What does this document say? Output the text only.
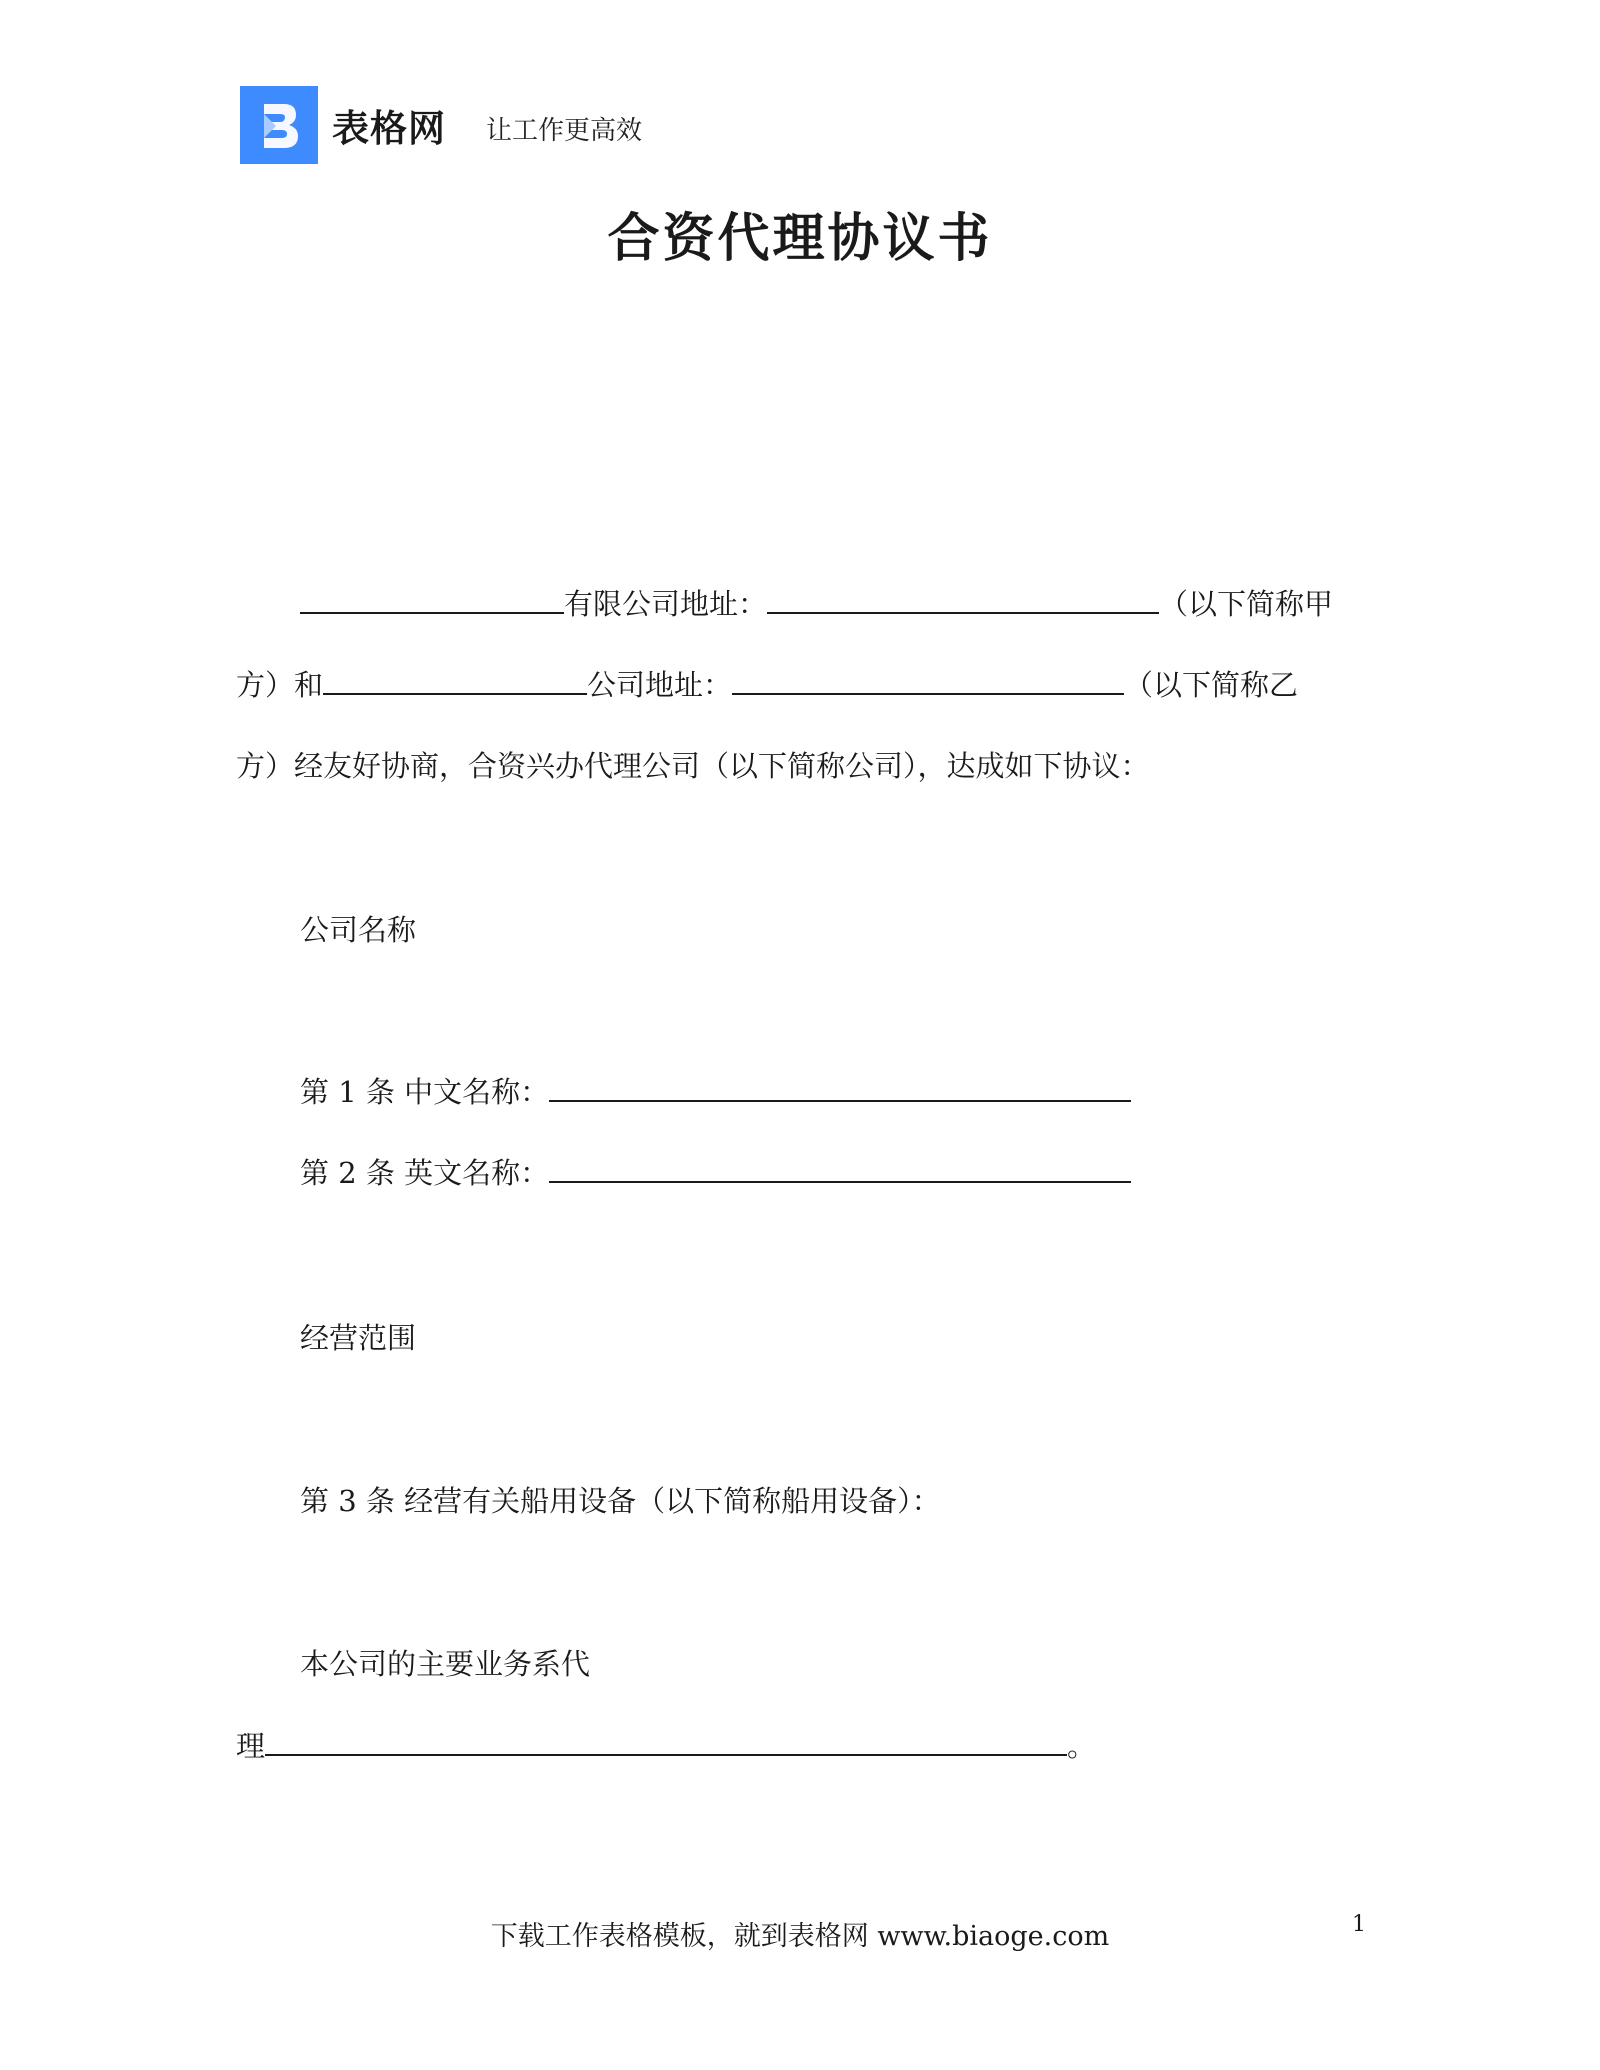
表格网 让工作更高效
合资代理协议书
有限公司地址：	（以下简称甲
方）和	公司地址：	（以下简称乙
方）经友好协商，合资兴办代理公司（以下简称公司），达成如下协议：
公司名称
第 1 条 中文名称：
第 2 条 英文名称：
经营范围
第 3 条 经营有关船用设备（以下简称船用设备）：
本公司的主要业务系代
理	。
下载工作表格模板，就到表格网 www.biaoge.com	1
